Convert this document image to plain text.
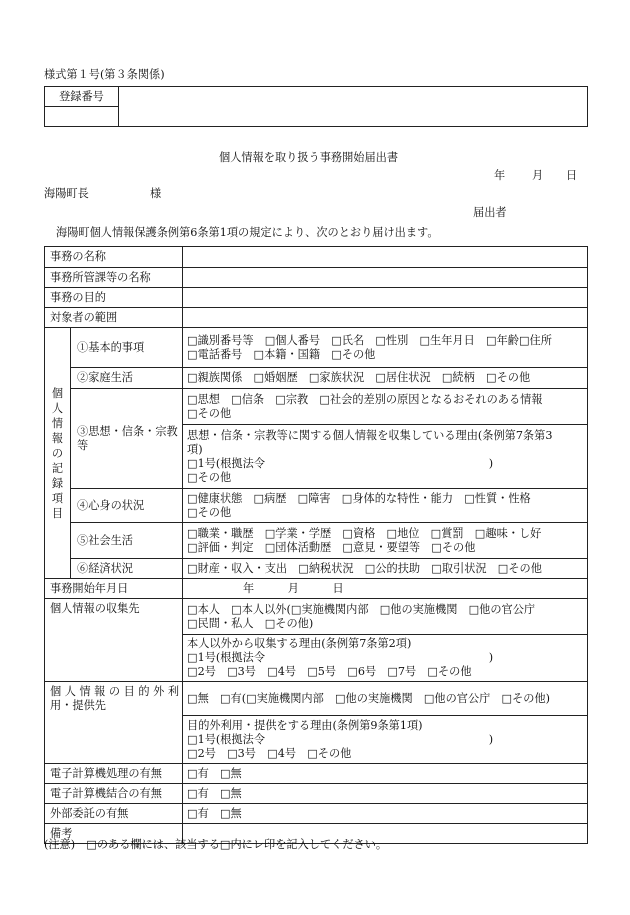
様式第１号(第３条関係)
登録番号	

個人情報を取り扱う事務開始届出書
年 月 日
海陽町長	様
届出者
海陽町個人情報保護条例第6条第1項の規定により、次のとおり届け出ます。
事務の名称		
事務所管課等の名称		
事務の目的		
対象者の範囲		

個人情報の記録項目	①基本的事項	□識別番号等　□個人番号　□氏名　□性別　□生年月日　□年齢□住所
□電話番号　□本籍・国籍　□その他

	②家庭生活	□親族関係　□婚姻歴　□家族状況　□居住状況　□続柄　□その他
	③思想・信条・宗教等	□思想　□信条　□宗教　□社会的差別の原因となるおそれのある情報
□その他

		思想・信条・宗教等に関する個人情報を収集している理由(条例第7条第3
項)
□1号(根拠法令　　　　　　　　　　　　　　　　　　　　)
□その他

	④心身の状況	□健康状態　□病歴　□障害　□身体的な特性・能力　□性質・性格
□その他

	⑤社会生活	□職業・職歴　□学業・学歴　□資格　□地位　□賞罰　□趣味・し好
□評価・判定　□団体活動歴　□意見・要望等　□その他

	⑥経済状況	□財産・収入・支出　□納税状況　□公的扶助　□取引状況　□その他
事務開始年月日		年　　　月　　　日
個人情報の収集先		□本人　□本人以外(□実施機関内部　□他の実施機関　□他の官公庁
□民間・私人　□その他)

		本人以外から収集する理由(条例第7条第2項)
□1号(根拠法令　　　　　　　　　　　　　　　　　　　　)
□2号　□3号　□4号　□5号　□6号　□7号　□その他

個人情報の目的外利
用・提供先		□無　□有(□実施機関内部　□他の実施機関　□他の官公庁　□その他)

		目的外利用・提供をする理由(条例第9条第1項)
□1号(根拠法令　　　　　　　　　　　　　　　　　　　　)
□2号　□3号　□4号　□その他

電子計算機処理の有無		□有　□無
電子計算機結合の有無		□有　□無
外部委託の有無		□有　□無
備考		
(注意)　□のある欄には、該当する□内にレ印を記入してください。
